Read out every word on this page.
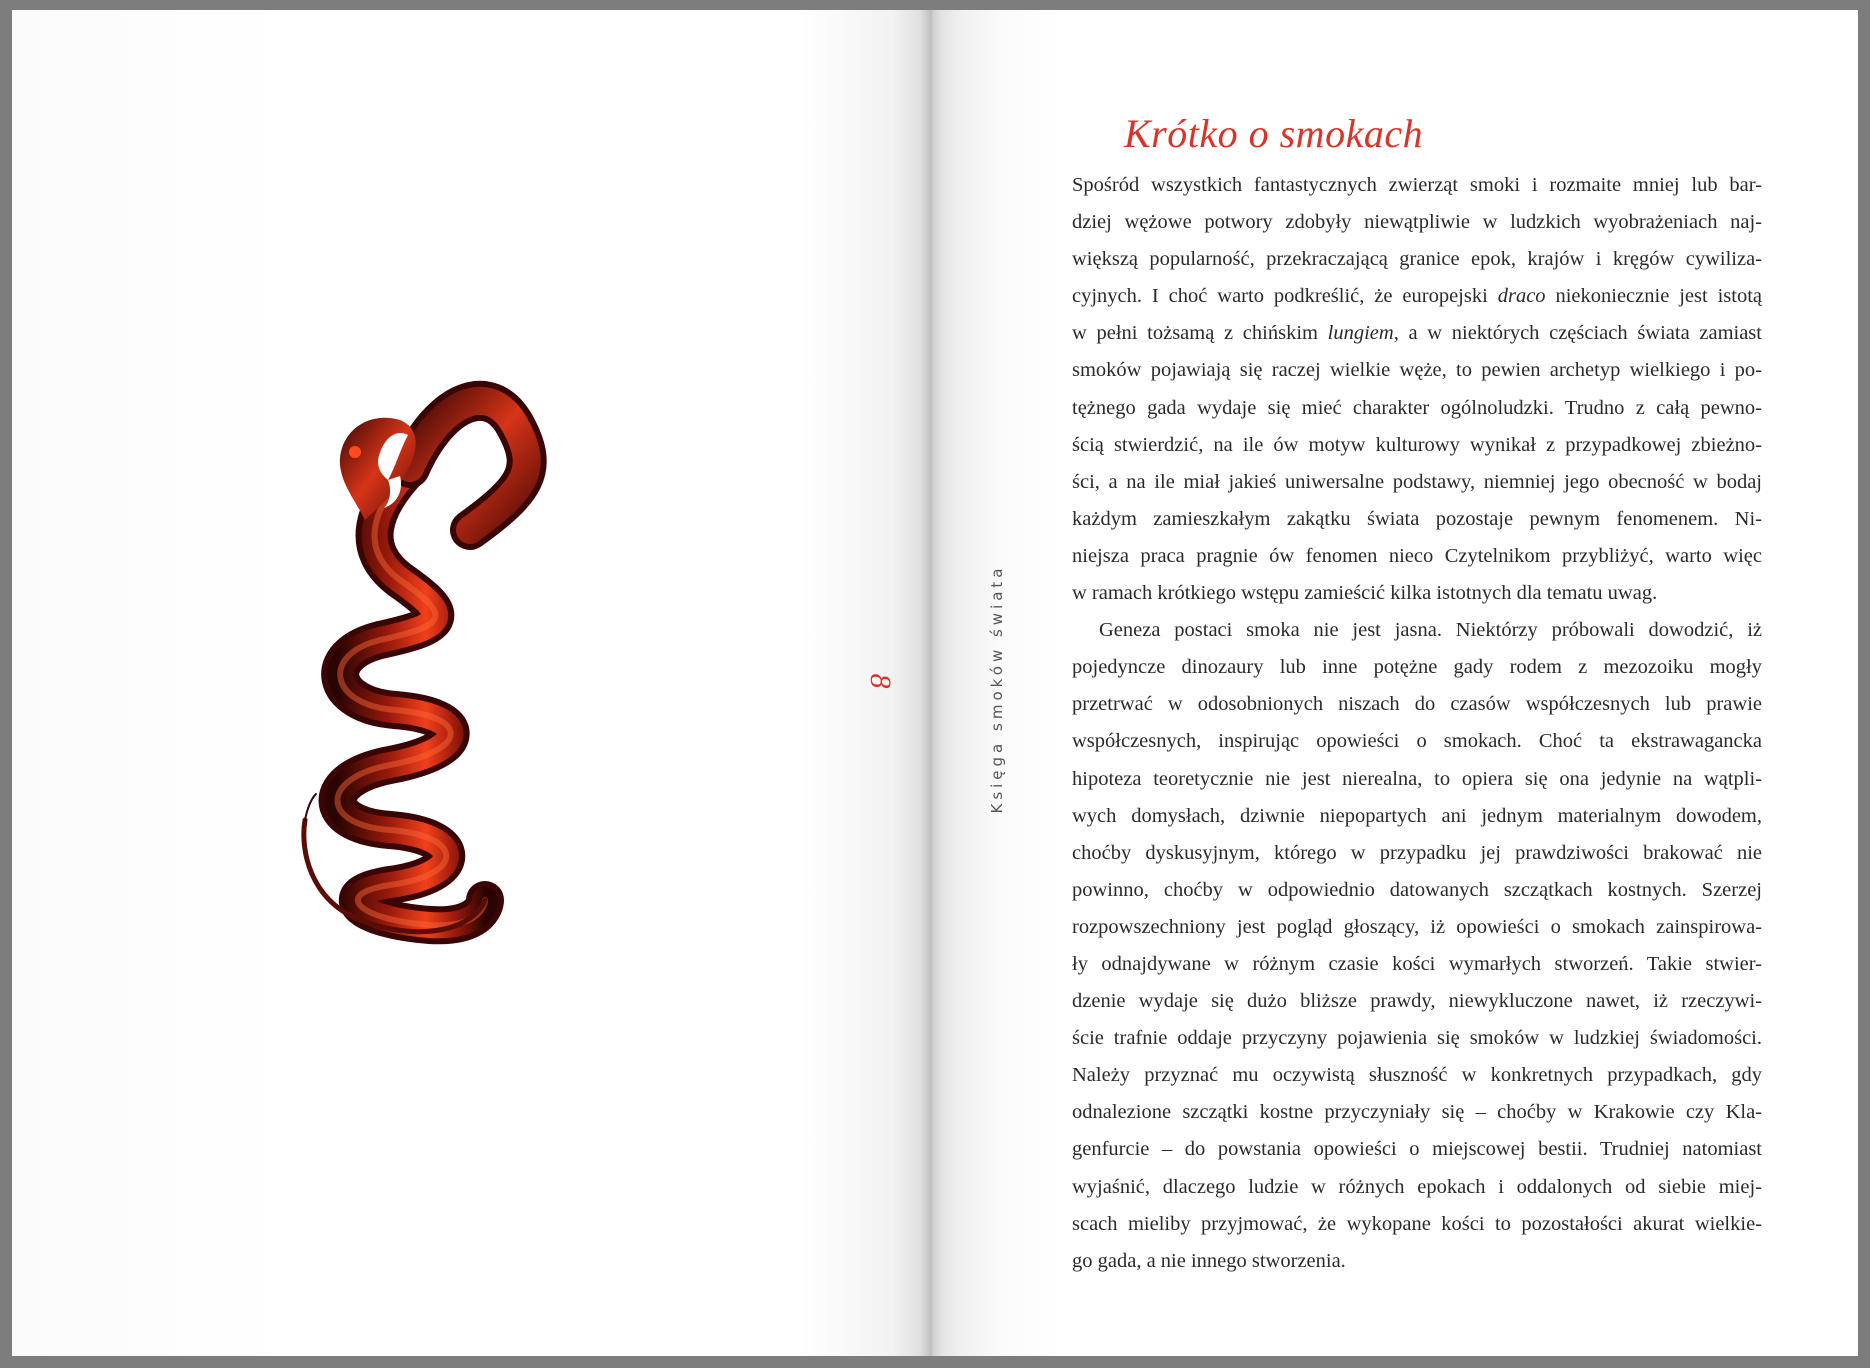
8	Księga smoków świata
Krótko o smokach
Spośród wszystkich fantastycznych zwierząt smoki i rozmaite mniej lub bar-
dziej wężowe potwory zdobyły niewątpliwie w ludzkich wyobrażeniach naj-
większą popularność, przekraczającą granice epok, krajów i kręgów cywiliza-
cyjnych. I choć warto podkreślić, że europejski draco niekoniecznie jest istotą
w pełni tożsamą z chińskim lungiem, a w niektórych częściach świata zamiast
smoków pojawiają się raczej wielkie węże, to pewien archetyp wielkiego i po-
tężnego gada wydaje się mieć charakter ogólnoludzki. Trudno z całą pewno-
ścią stwierdzić, na ile ów motyw kulturowy wynikał z przypadkowej zbieżno-
ści, a na ile miał jakieś uniwersalne podstawy, niemniej jego obecność w bodaj
każdym zamieszkałym zakątku świata pozostaje pewnym fenomenem. Ni-
niejsza praca pragnie ów fenomen nieco Czytelnikom przybliżyć, warto więc
w ramach krótkiego wstępu zamieścić kilka istotnych dla tematu uwag.
Geneza postaci smoka nie jest jasna. Niektórzy próbowali dowodzić, iż
pojedyncze dinozaury lub inne potężne gady rodem z mezozoiku mogły
przetrwać w odosobnionych niszach do czasów współczesnych lub prawie
współczesnych, inspirując opowieści o smokach. Choć ta ekstrawagancka
hipoteza teoretycznie nie jest nierealna, to opiera się ona jedynie na wątpli-
wych domysłach, dziwnie niepopartych ani jednym materialnym dowodem,
choćby dyskusyjnym, którego w przypadku jej prawdziwości brakować nie
powinno, choćby w odpowiednio datowanych szczątkach kostnych. Szerzej
rozpowszechniony jest pogląd głoszący, iż opowieści o smokach zainspirowa-
ły odnajdywane w różnym czasie kości wymarłych stworzeń. Takie stwier-
dzenie wydaje się dużo bliższe prawdy, niewykluczone nawet, iż rzeczywi-
ście trafnie oddaje przyczyny pojawienia się smoków w ludzkiej świadomości.
Należy przyznać mu oczywistą słuszność w konkretnych przypadkach, gdy
odnalezione szczątki kostne przyczyniały się – choćby w Krakowie czy Kla-
genfurcie – do powstania opowieści o miejscowej bestii. Trudniej natomiast
wyjaśnić, dlaczego ludzie w różnych epokach i oddalonych od siebie miej-
scach mieliby przyjmować, że wykopane kości to pozostałości akurat wielkie-
go gada, a nie innego stworzenia.
